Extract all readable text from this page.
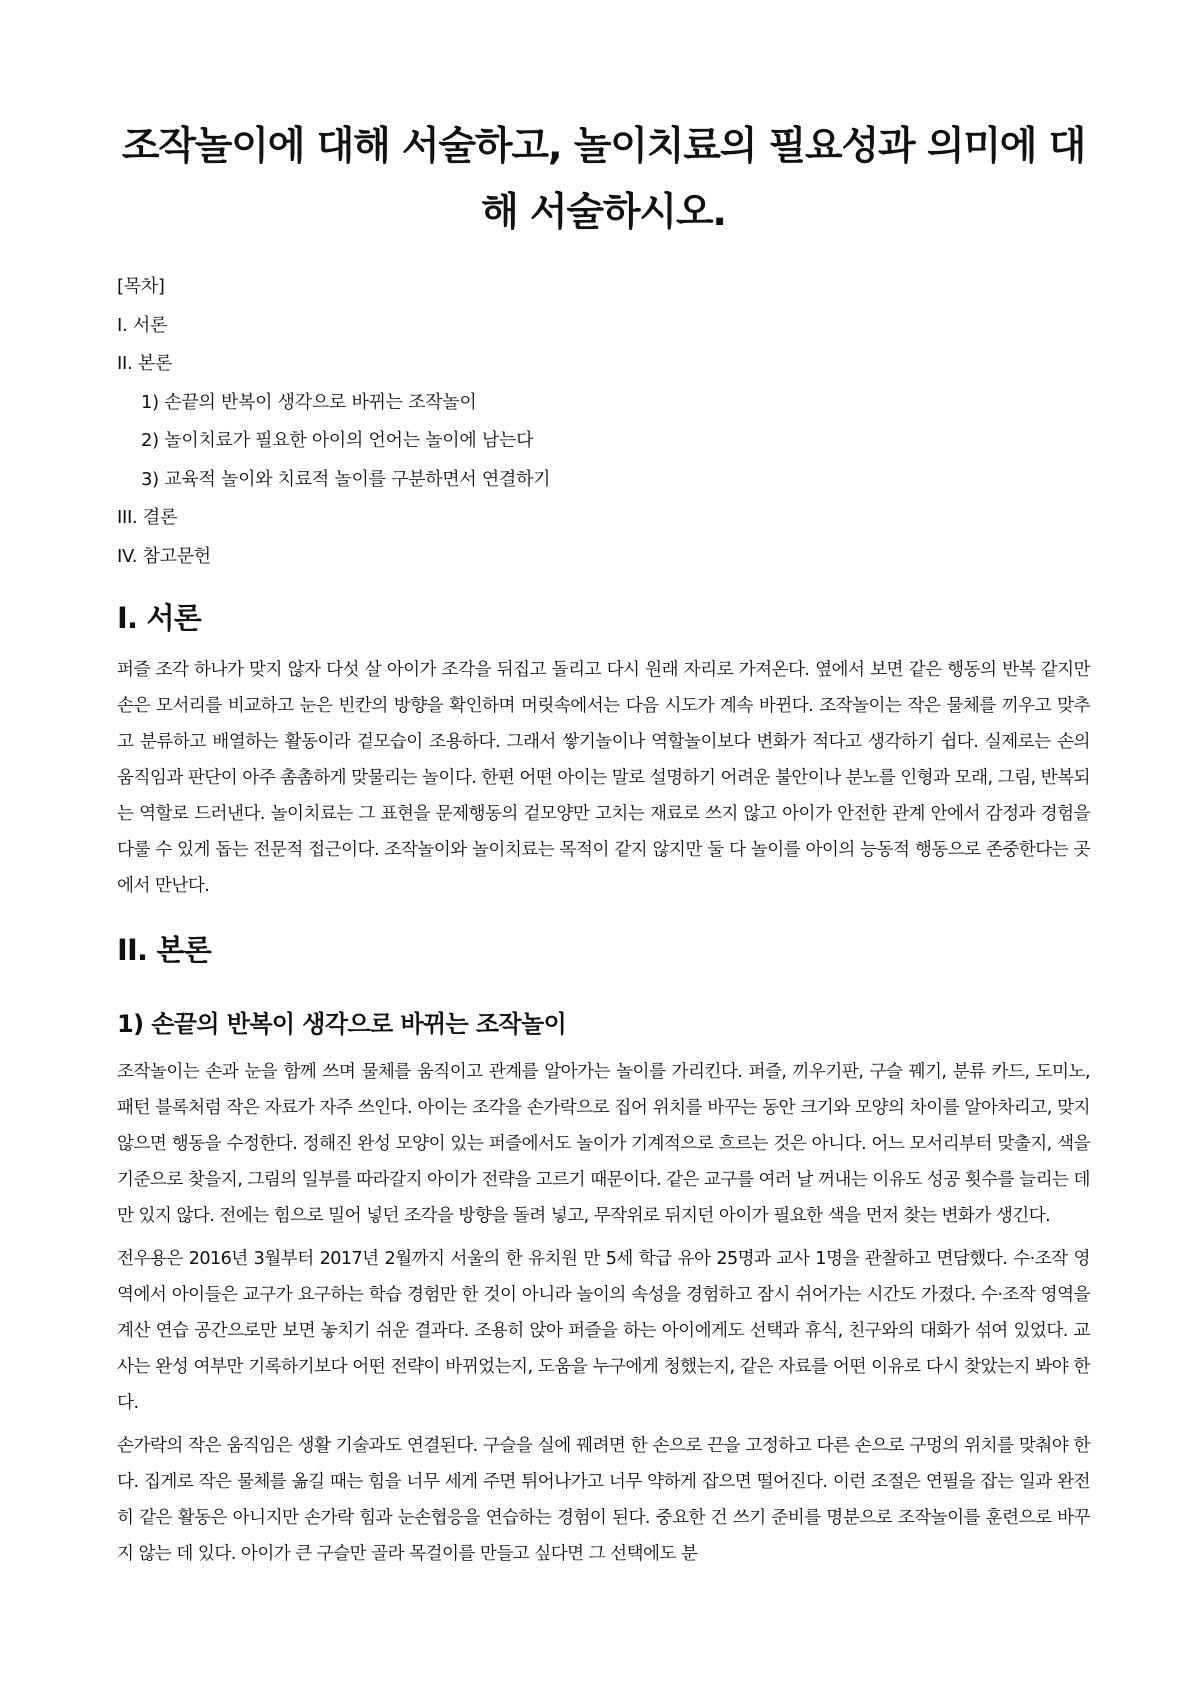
조작놀이에 대해 서술하고, 놀이치료의 필요성과 의미에 대해 서술하시오.
[목차]
I. 서론
II. 본론
1) 손끝의 반복이 생각으로 바뀌는 조작놀이
2) 놀이치료가 필요한 아이의 언어는 놀이에 남는다
3) 교육적 놀이와 치료적 놀이를 구분하면서 연결하기
III. 결론
IV. 참고문헌
I. 서론

퍼즐 조각 하나가 맞지 않자 다섯 살 아이가 조각을 뒤집고 돌리고 다시 원래 자리로 가져온다. 옆에서 보면 같은 행동의 반복 같지만 손은 모서리를 비교하고 눈은 빈칸의 방향을 확인하며 머릿속에서는 다음 시도가 계속 바뀐다. 조작놀이는 작은 물체를 끼우고 맞추고 분류하고 배열하는 활동이라 겉모습이 조용하다. 그래서 쌓기놀이나 역할놀이보다 변화가 적다고 생각하기 쉽다. 실제로는 손의 움직임과 판단이 아주 촘촘하게 맞물리는 놀이다. 한편 어떤 아이는 말로 설명하기 어려운 불안이나 분노를 인형과 모래, 그림, 반복되는 역할로 드러낸다. 놀이치료는 그 표현을 문제행동의 겉모양만 고치는 재료로 쓰지 않고 아이가 안전한 관계 안에서 감정과 경험을 다룰 수 있게 돕는 전문적 접근이다. 조작놀이와 놀이치료는 목적이 같지 않지만 둘 다 놀이를 아이의 능동적 행동으로 존중한다는 곳에서 만난다.

II. 본론
1) 손끝의 반복이 생각으로 바뀌는 조작놀이

조작놀이는 손과 눈을 함께 쓰며 물체를 움직이고 관계를 알아가는 놀이를 가리킨다. 퍼즐, 끼우기판, 구슬 꿰기, 분류 카드, 도미노, 패턴 블록처럼 작은 자료가 자주 쓰인다. 아이는 조각을 손가락으로 집어 위치를 바꾸는 동안 크기와 모양의 차이를 알아차리고, 맞지 않으면 행동을 수정한다. 정해진 완성 모양이 있는 퍼즐에서도 놀이가 기계적으로 흐르는 것은 아니다. 어느 모서리부터 맞출지, 색을 기준으로 찾을지, 그림의 일부를 따라갈지 아이가 전략을 고르기 때문이다. 같은 교구를 여러 날 꺼내는 이유도 성공 횟수를 늘리는 데만 있지 않다. 전에는 힘으로 밀어 넣던 조각을 방향을 돌려 넣고, 무작위로 뒤지던 아이가 필요한 색을 먼저 찾는 변화가 생긴다.

전우용은 2016년 3월부터 2017년 2월까지 서울의 한 유치원 만 5세 학급 유아 25명과 교사 1명을 관찰하고 면담했다. 수·조작 영역에서 아이들은 교구가 요구하는 학습 경험만 한 것이 아니라 놀이의 속성을 경험하고 잠시 쉬어가는 시간도 가졌다. 수·조작 영역을 계산 연습 공간으로만 보면 놓치기 쉬운 결과다. 조용히 앉아 퍼즐을 하는 아이에게도 선택과 휴식, 친구와의 대화가 섞여 있었다. 교사는 완성 여부만 기록하기보다 어떤 전략이 바뀌었는지, 도움을 누구에게 청했는지, 같은 자료를 어떤 이유로 다시 찾았는지 봐야 한다.

손가락의 작은 움직임은 생활 기술과도 연결된다. 구슬을 실에 꿰려면 한 손으로 끈을 고정하고 다른 손으로 구멍의 위치를 맞춰야 한다. 집게로 작은 물체를 옮길 때는 힘을 너무 세게 주면 튀어나가고 너무 약하게 잡으면 떨어진다. 이런 조절은 연필을 잡는 일과 완전히 같은 활동은 아니지만 손가락 힘과 눈손협응을 연습하는 경험이 된다. 중요한 건 쓰기 준비를 명분으로 조작놀이를 훈련으로 바꾸지 않는 데 있다. 아이가 큰 구슬만 골라 목걸이를 만들고 싶다면 그 선택에도 분
